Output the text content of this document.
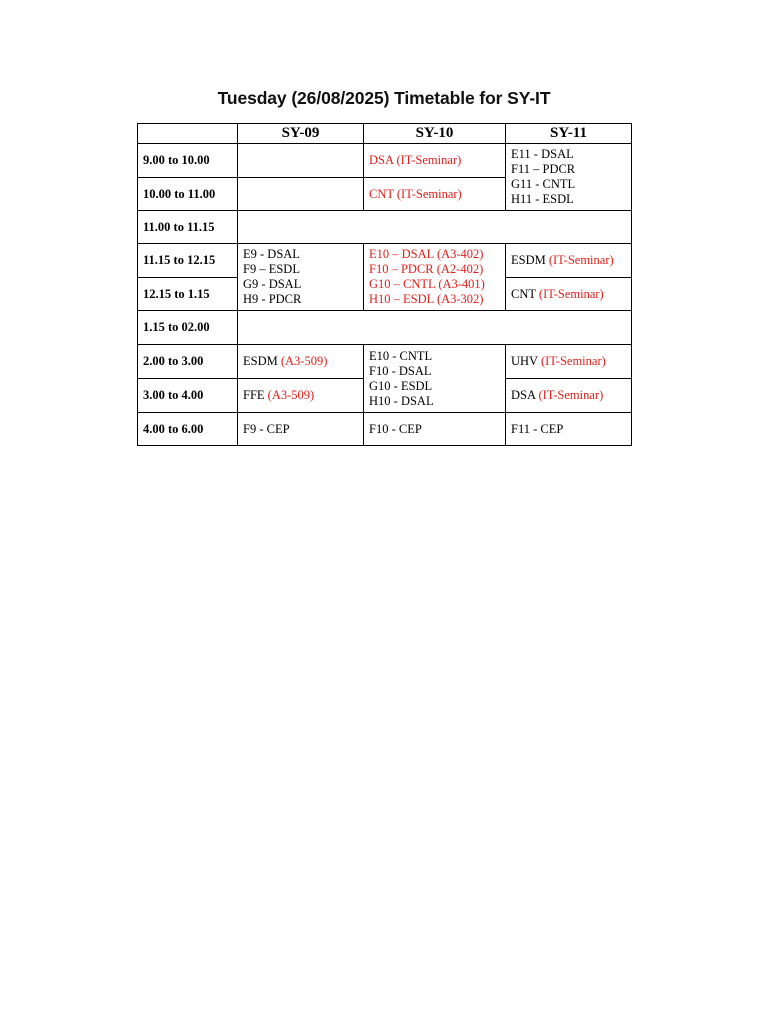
Tuesday (26/08/2025) Timetable for SY-IT
	SY-09	SY-10	SY-11
9.00 to 10.00		DSA (IT-Seminar)	E11 - DSAL
F11 – PDCR
G11 - CNTL
H11 - ESDL

10.00 to 11.00		CNT (IT-Seminar)	
11.00 to 11.15			
11.15 to 12.15	E9 - DSAL
F9 – ESDL
G9 - DSAL
H9 - PDCR	E10 – DSAL (A3-402)
F10 – PDCR (A2-402)
G10 – CNTL (A3-401)
H10 – ESDL (A3-302)	ESDM (IT-Seminar)
12.15 to 1.15			CNT (IT-Seminar)
1.15 to 02.00			
2.00 to 3.00	ESDM (A3-509)	E10 - CNTL
F10 - DSAL
G10 - ESDL
H10 - DSAL	UHV (IT-Seminar)
3.00 to 4.00	FFE (A3-509)		DSA (IT-Seminar)
4.00 to 6.00	F9 - CEP	F10 - CEP	F11 - CEP
